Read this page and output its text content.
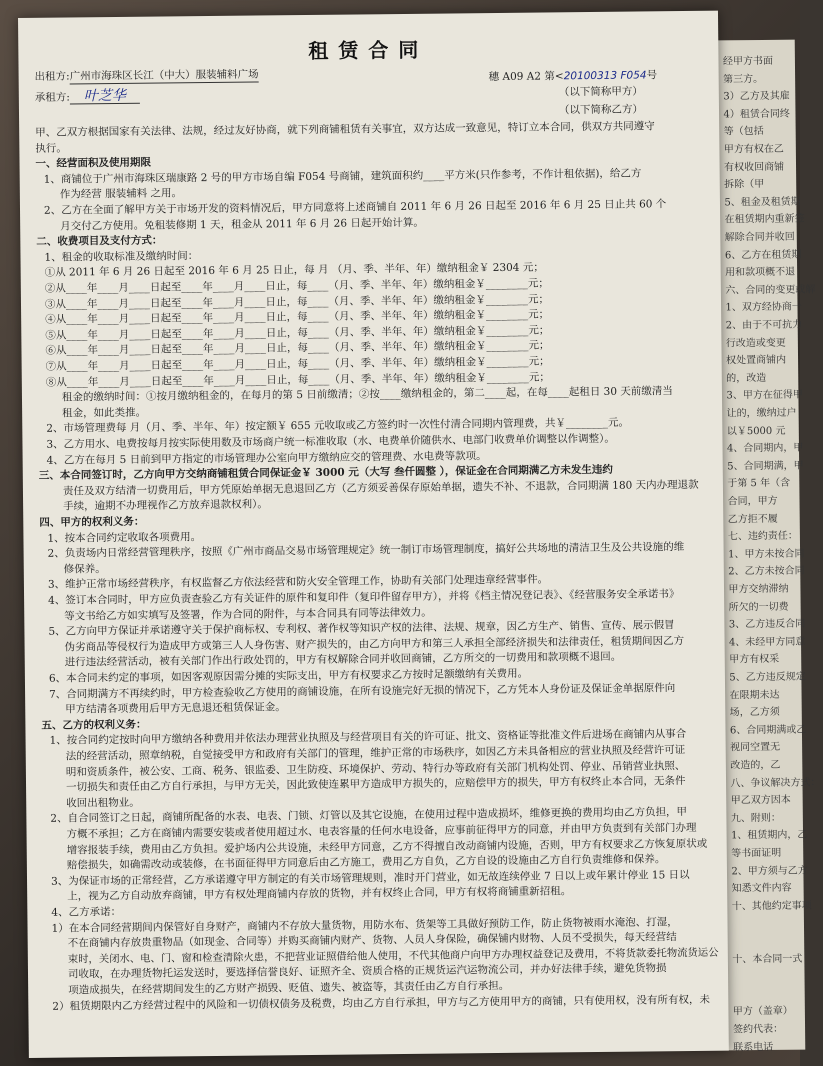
经甲方书面
第三方。
3）乙方及其雇
4）租赁合同终
等（包括
甲方有权在乙
有权收回商铺
拆除（甲
5、租金及租赁期
在租赁期内重新签
解除合同并收回
6、乙方在租赁期
用和款项概不退
六、合同的变更或解
1、双方经协商一
2、由于不可抗力
行改造或变更
权处置商铺内
的，改造
3、甲方在征得甲
让的，缴纳过户
以￥5000 元
4、合同期内，甲
5、合同期满，甲
于第 5 年（含
合同，甲方
乙方拒不履
七、违约责任：
1、甲方未按合同
2、乙方未按合同
甲方交纳滞纳
所欠的一切费
3、乙方违反合同
4、未经甲方同意
甲方有权采
5、乙方违反规定
在限期未达
场，乙方须
6、合同期满或乙
视同空置无
改造的，乙
八、争议解决方式：
甲乙双方因本
九、附则：
1、租赁期内，乙
等书面证明
2、甲方须与乙方
知悉文件内容
十、其他约定事项
十、本合同一式
甲方（盖章）
签约代表：
联系电话
租赁合同
出租方:广州市海珠区长江（中大）服装辅料广场	穗 A09 A2 第<20100313 F054号
（以下简称甲方）
承租方: 叶芝华
（以下简称乙方）
甲、乙双方根据国家有关法律、法规，经过友好协商，就下列商铺租赁有关事宜，双方达成一致意见，特订立本合同，供双方共同遵守
执行。
一、经营面积及使用期限
1、商铺位于广州市海珠区瑞康路 2 号的甲方市场自编 F054 号商铺，建筑面积约____平方米(只作参考，不作计租依据)，给乙方
作为经营 服装辅料 之用。
2、乙方在全面了解甲方关于市场开发的资料情况后，甲方同意将上述商铺自 2011 年 6 月 26 日起至 2016 年 6 月 25 日止共 60 个
月交付乙方使用。免租装修期 1 天，租金从 2011 年 6 月 26 日起开始计算。
二、收费项目及支付方式：
1、租金的收取标准及缴纳时间：
①从 2011 年 6 月 26 日起至 2016 年 6 月 25 日止，每 月 （月、季、半年、年）缴纳租金￥ 2304 元；
②从____年____月____日起至____年____月____日止，每____（月、季、半年、年）缴纳租金￥________元；
③从____年____月____日起至____年____月____日止，每____（月、季、半年、年）缴纳租金￥________元；
④从____年____月____日起至____年____月____日止，每____（月、季、半年、年）缴纳租金￥________元；
⑤从____年____月____日起至____年____月____日止，每____（月、季、半年、年）缴纳租金￥________元；
⑥从____年____月____日起至____年____月____日止，每____（月、季、半年、年）缴纳租金￥________元；
⑦从____年____月____日起至____年____月____日止，每____（月、季、半年、年）缴纳租金￥________元；
⑧从____年____月____日起至____年____月____日止，每____（月、季、半年、年）缴纳租金￥________元；
租金的缴纳时间：①按月缴纳租金的，在每月的第 5 日前缴清；②按____缴纳租金的，第二____起，在每____起租日 30 天前缴清当
租金，如此类推。
2、市场管理费每 月（月、季、半年、年）按定额￥ 655 元收取或乙方签约时一次性付清合同期内管理费，共￥________元。
3、乙方用水、电费按每月按实际使用数及市场商户统一标准收取（水、电费单价随供水、电部门收费单价调整以作调整）。
4、乙方在每月 5 日前到甲方指定的市场管理办公室向甲方缴纳应交的管理费、水电费等款项。
三、本合同签订时，乙方向甲方交纳商铺租赁合同保证金￥ 3000 元（大写 叁仟圆整 ），保证金在合同期满乙方未发生违约
责任及双方结清一切费用后，甲方凭原始单据无息退回乙方（乙方须妥善保存原始单据，遗失不补、不退款，合同期满 180 天内办理退款
手续，逾期不办理视作乙方放弃退款权利）。
四、甲方的权利义务：
1、按本合同约定收取各项费用。
2、负责场内日常经营管理秩序，按照《广州市商品交易市场管理规定》统一制订市场管理制度，搞好公共场地的清洁卫生及公共设施的维
修保养。
3、维护正常市场经营秩序，有权监督乙方依法经营和防火安全管理工作，协助有关部门处理违章经营事件。
4、签订本合同时，甲方应负责查验乙方有关证件的原件和复印件（复印件留存甲方），并将《档主情况登记表》、《经营服务安全承诺书》
等文书给乙方如实填写及签署，作为合同的附件，与本合同具有同等法律效力。
5、乙方向甲方保证并承诺遵守关于保护商标权、专利权、著作权等知识产权的法律、法规、规章，因乙方生产、销售、宣传、展示假冒
伪劣商品等侵权行为造成甲方或第三人人身伤害、财产损失的，由乙方向甲方和第三人承担全部经济损失和法律责任，租赁期间因乙方
进行违法经营活动，被有关部门作出行政处罚的，甲方有权解除合同并收回商铺，乙方所交的一切费用和款项概不退回。
6、本合同未约定的事项，如因客观原因需分摊的实际支出，甲方有权要求乙方按时足额缴纳有关费用。
7、合同期满方不再续约时，甲方检查验收乙方使用的商铺设施，在所有设施完好无损的情况下，乙方凭本人身份证及保证金单据原件向
甲方结清各项费用后甲方无息退还租赁保证金。
五、乙方的权利义务：
1、按合同约定按时向甲方缴纳各种费用并依法办理营业执照及与经营项目有关的许可证、批文、资格证等批准文件后进场在商铺内从事合
法的经营活动，照章纳税，自觉接受甲方和政府有关部门的管理，维护正常的市场秩序，如因乙方未具备相应的营业执照及经营许可证
明和资质条件，被公安、工商、税务、银监委、卫生防疫、环境保护、劳动、特行办等政府有关部门机构处罚、停业、吊销营业执照、
一切损失和责任由乙方自行承担，与甲方无关，因此致使连累甲方造成甲方损失的，应赔偿甲方的损失，甲方有权终止本合同，无条件
收回出租物业。
2、自合同签订之日起，商铺所配备的水表、电表、门锁、灯管以及其它设施，在使用过程中造成损坏，维修更换的费用均由乙方负担，甲
方概不承担；乙方在商铺内需要安装或者使用超过水、电表容量的任何水电设备，应事前征得甲方的同意，并由甲方负责到有关部门办理
增容报装手续，费用由乙方负担。爱护场内公共设施，未经甲方同意，乙方不得擅自改动商铺内设施，否则，甲方有权要求乙方恢复原状或
赔偿损失，如确需改动或装修，在书面征得甲方同意后由乙方施工，费用乙方自负，乙方自设的设施由乙方自行负责维修和保养。
3、为保证市场的正常经营，乙方承诺遵守甲方制定的有关市场管理规则，准时开门营业，如无故连续停业 7 日以上或年累计停业 15 日以
上，视为乙方自动放弃商铺，甲方有权处理商铺内存放的货物，并有权终止合同，甲方有权将商铺重新招租。
4、乙方承诺：
1）在本合同经营期间内保管好自身财产，商铺内不存放大量货物，用防水布、货架等工具做好预防工作，防止货物被雨水淹泡、打湿，
不在商铺内存放贵重物品（如现金、合同等）并购买商铺内财产、货物、人员人身保险，确保铺内财物、人员不受损失，每天经营结
束时，关闭水、电、门、窗和检查清除火患，不把营业证照借给他人使用，不代其他商户向甲方办理权益登记及费用，不将货款委托物流货运公
司收取，在办理货物托运发送时，要选择信誉良好、证照齐全、资质合格的正规货运汽运物流公司，并办好法律手续，避免货物损
项造成损失，在经营期间发生的乙方财产损毁、贬值、遗失、被盗等，其责任由乙方自行承担。
2）租赁期限内乙方经营过程中的风险和一切债权债务及税费，均由乙方自行承担，甲方与乙方使用甲方的商铺，只有使用权，没有所有权，未
